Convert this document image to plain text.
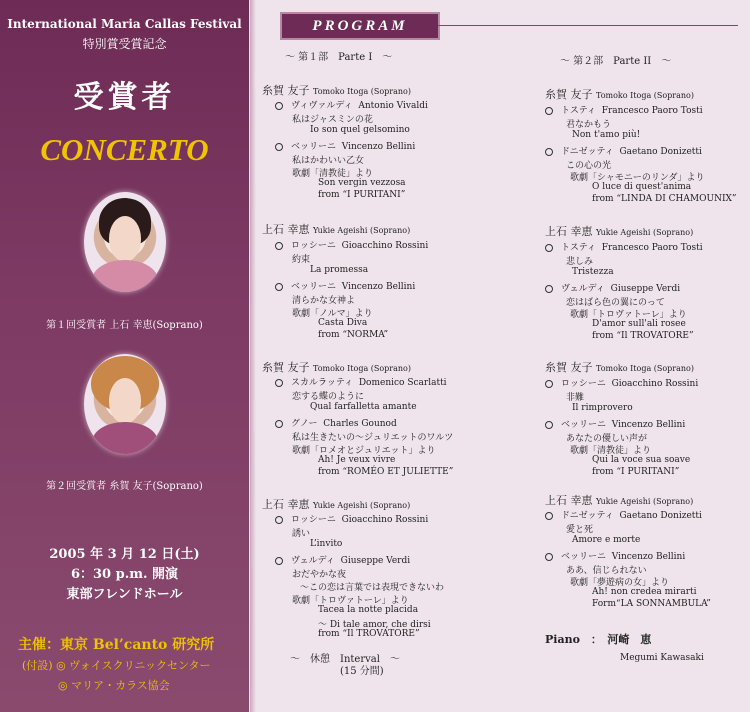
International Maria Callas Festival
特別賞受賞記念
受賞者
CONCERTO
第１回受賞者 上石 幸恵(Soprano)
第２回受賞者 糸賀 友子(Soprano)
2005 年 3 月 12 日(土)
6：30 p.m. 開演
東部フレンドホール
主催：東京 Bel’canto 研究所
(付設) ◎ ヴォイスクリニックセンター
◎ マリア・カラス協会
PROGRAM
～ 第１部　Parte I　～	～ 第２部　Parte II　～
糸賀 友子 Tomoko Itoga (Soprano)
ヴィヴァルディ Antonio Vivaldi
私はジャスミンの花
Io son quel gelsomino
ベッリーニ Vincenzo Bellini
私はかわいい乙女
歌劇「清教徒」より
Son vergin vezzosa
from “I PURITANI”
上石 幸恵 Yukie Ageishi (Soprano)
ロッシーニ Gioacchino Rossini
約束
La promessa
ベッリーニ Vincenzo Bellini
清らかな女神よ
歌劇「ノルマ」より
Casta Diva
from “NORMA”
糸賀 友子 Tomoko Itoga (Soprano)
スカルラッティ Domenico Scarlatti
恋する蝶のように
Qual farfalletta amante
グノー Charles Gounod
私は生きたいの～ジュリエットのワルツ
歌劇「ロメオとジュリエット」より
Ah! Je veux vivre
from “ROMÉO ET JULIETTE”
上石 幸恵 Yukie Ageishi (Soprano)
ロッシーニ Gioacchino Rossini
誘い
L’invito
ヴェルディ Giuseppe Verdi
おだやかな夜
～この恋は言葉では表現できないわ
歌劇「トロヴァトーレ」より
Tacea la notte placida
～ Di tale amor, che dirsi
from “Il TROVATORE”
～　休憩　Interval　～
(15 分間)
糸賀 友子 Tomoko Itoga (Soprano)
トスティ Francesco Paoro Tosti
君なかもう
Non t'amo più!
ドニゼッティ Gaetano Donizetti
この心の光
歌劇「シャモニーのリンダ」より
O luce di quest'anima
from “LINDA DI CHAMOUNIX”
上石 幸恵 Yukie Ageishi (Soprano)
トスティ Francesco Paoro Tosti
悲しみ
Tristezza
ヴェルディ Giuseppe Verdi
恋はばら色の翼にのって
歌劇「トロヴァトーレ」より
D'amor sull'ali rosee
from “Il TROVATORE”
糸賀 友子 Tomoko Itoga (Soprano)
ロッシーニ Gioacchino Rossini
非難
Il rimprovero
ベッリーニ Vincenzo Bellini
あなたの優しい声が
歌劇「清教徒」より
Qui la voce sua soave
from “I PURITANI”
上石 幸恵 Yukie Ageishi (Soprano)
ドニゼッティ Gaetano Donizetti
愛と死
Amore e morte
ベッリーニ Vincenzo Bellini
ああ、信じられない
歌劇「夢遊病の女」より
Ah! non credea mirarti
Form“LA SONNAMBULA”
Piano　：　河崎　恵
Megumi Kawasaki
